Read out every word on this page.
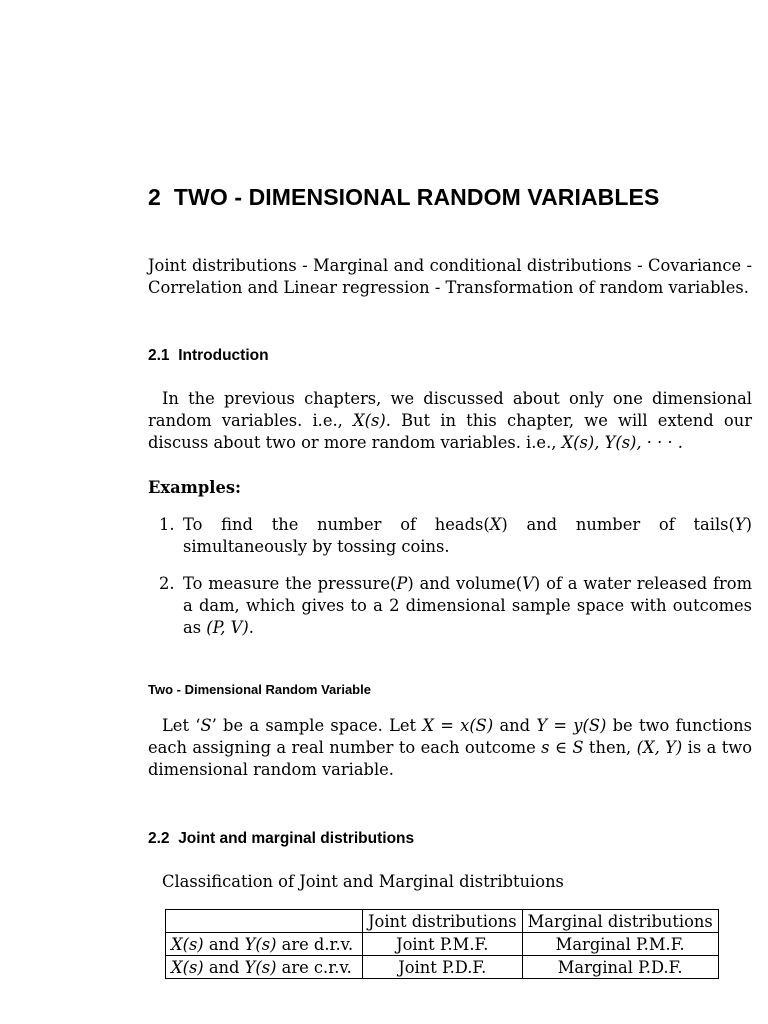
2 TWO - DIMENSIONAL RANDOM VARIABLES
Joint distributions - Marginal and conditional distributions - Covariance - Correlation and Linear regression - Transformation of random variables.
2.1 Introduction
In the previous chapters, we discussed about only one dimensional random variables. i.e., X(s). But in this chapter, we will extend our discuss about two or more random variables. i.e., X(s), Y(s), · · · .
Examples:
1. To find the number of heads(X) and number of tails(Y) simultaneously by tossing coins.
2. To measure the pressure(P) and volume(V) of a water released from a dam, which gives to a 2 dimensional sample space with outcomes as (P, V).
Two - Dimensional Random Variable
Let ‘S’ be a sample space. Let X = x(S) and Y = y(S) be two functions each assigning a real number to each outcome s ∈ S then, (X, Y) is a two dimensional random variable.
2.2 Joint and marginal distributions
Classification of Joint and Marginal distribtuions
	Joint distributions	Marginal distributions
X(s) and Y(s) are d.r.v.	Joint P.M.F.	Marginal P.M.F.
X(s) and Y(s) are c.r.v.	Joint P.D.F.	Marginal P.D.F.
